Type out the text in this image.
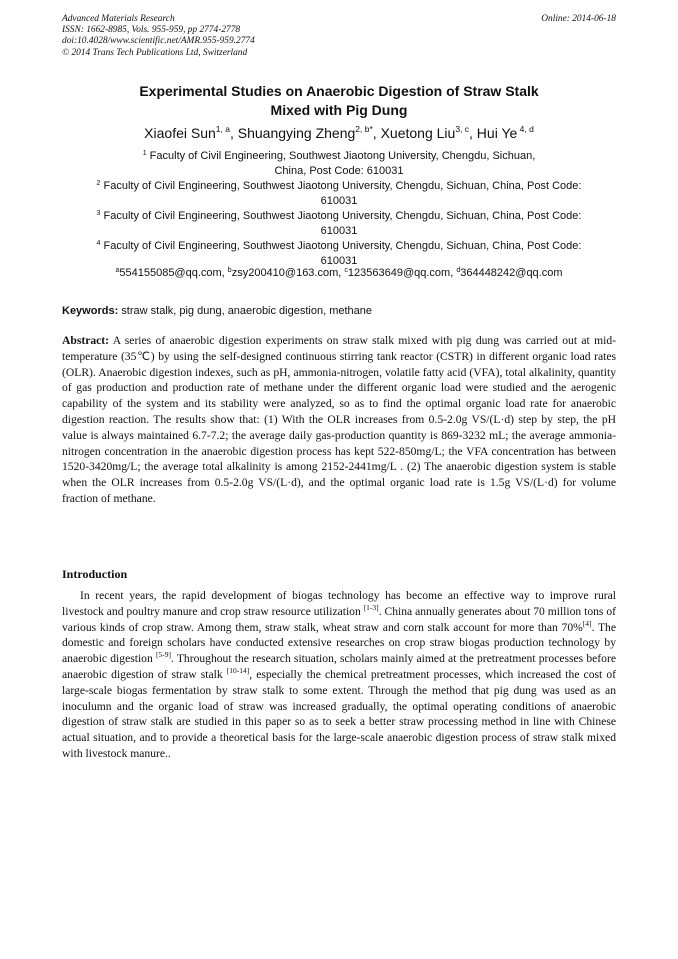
Advanced Materials Research
ISSN: 1662-8985, Vols. 955-959, pp 2774-2778
doi:10.4028/www.scientific.net/AMR.955-959.2774
© 2014 Trans Tech Publications Ltd, Switzerland
Online: 2014-06-18
Experimental Studies on Anaerobic Digestion of Straw Stalk
Mixed with Pig Dung
Xiaofei Sun$^{1, a}$, Shuangying Zheng$^{2, b*}$, Xuetong Liu$^{3, c}$, Hui Ye $^{4, d}$
$^1$ Faculty of Civil Engineering, Southwest Jiaotong University, Chengdu, Sichuan,
China, Post Code: 610031
$^2$ Faculty of Civil Engineering, Southwest Jiaotong University, Chengdu, Sichuan, China, Post Code:
610031
$^3$ Faculty of Civil Engineering, Southwest Jiaotong University, Chengdu, Sichuan, China, Post Code:
610031
$^4$ Faculty of Civil Engineering, Southwest Jiaotong University, Chengdu, Sichuan, China, Post Code:
610031
$^a$554155085@qq.com, $^b$zsy200410@163.com, $^c$123563649@qq.com, $^d$364448242@qq.com
Keywords: straw stalk, pig dung, anaerobic digestion, methane
Abstract: A series of anaerobic digestion experiments on straw stalk mixed with pig dung was carried out at mid-temperature (35℃) by using the self-designed continuous stirring tank reactor (CSTR) in different organic load rates (OLR). Anaerobic digestion indexes, such as pH, ammonia-nitrogen, volatile fatty acid (VFA), total alkalinity, quantity of gas production and production rate of methane under the different organic load were studied and the aerogenic capability of the system and its stability were analyzed, so as to find the optimal organic load rate for anaerobic digestion reaction. The results show that: (1) With the OLR increases from 0.5-2.0g VS/(L·d) step by step, the pH value is always maintained 6.7-7.2; the average daily gas-production quantity is 869-3232 mL; the average ammonia-nitrogen concentration in the anaerobic digestion process has kept 522-850mg/L; the VFA concentration has between 1520-3420mg/L; the average total alkalinity is among 2152-2441mg/L . (2) The anaerobic digestion system is stable when the OLR increases from 0.5-2.0g VS/(L·d), and the optimal organic load rate is 1.5g VS/(L·d) for volume fraction of methane.
Introduction
In recent years, the rapid development of biogas technology has become an effective way to improve rural livestock and poultry manure and crop straw resource utilization [1-3]. China annually generates about 70 million tons of various kinds of crop straw. Among them, straw stalk, wheat straw and corn stalk account for more than 70%[4]. The domestic and foreign scholars have conducted extensive researches on crop straw biogas production technology by anaerobic digestion [5-9]. Throughout the research situation, scholars mainly aimed at the pretreatment processes before anaerobic digestion of straw stalk [10-14], especially the chemical pretreatment processes, which increased the cost of large-scale biogas fermentation by straw stalk to some extent. Through the method that pig dung was used as an inoculumn and the organic load of straw was increased gradually, the optimal operating conditions of anaerobic digestion of straw stalk are studied in this paper so as to seek a better straw processing method in line with Chinese actual situation, and to provide a theoretical basis for the large-scale anaerobic digestion process of straw stalk mixed with livestock manure..
